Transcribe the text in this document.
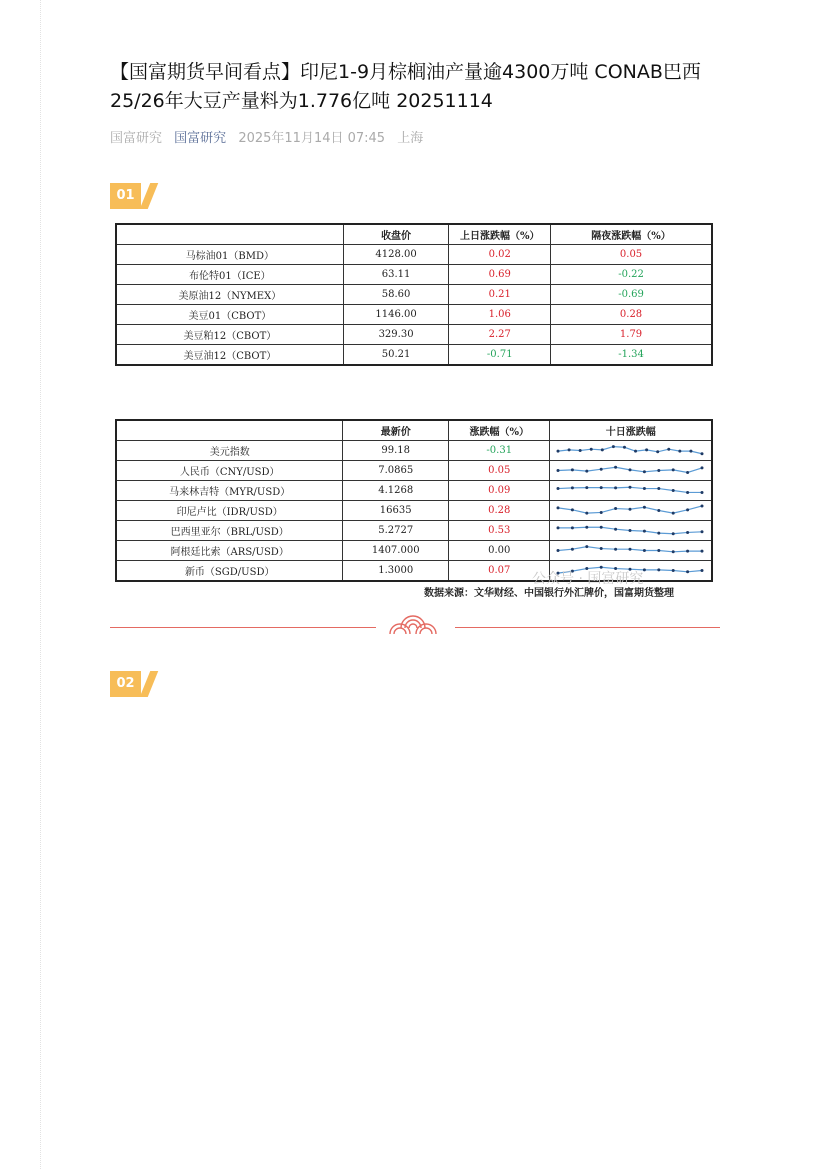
【国富期货早间看点】印尼1-9月棕榈油产量逾4300万吨 CONAB巴西25/26年大豆产量料为1.776亿吨 20251114
国富研究 国富研究 2025年11月14日 07:45 上海
01
	收盘价	上日涨跌幅（%）	隔夜涨跌幅（%）
马棕油01（BMD）	4128.00	0.02	0.05
布伦特01（ICE）	63.11	0.69	-0.22
美原油12（NYMEX）	58.60	0.21	-0.69
美豆01（CBOT）	1146.00	1.06	0.28
美豆粕12（CBOT）	329.30	2.27	1.79
美豆油12（CBOT）	50.21	-0.71	-1.34
02
	最新价	涨跌幅（%）	十日涨跌幅
美元指数	99.18	-0.31	

人民币（CNY/USD）	7.0865	0.05	

马来林吉特（MYR/USD）	4.1268	0.09	

印尼卢比（IDR/USD）	16635	0.28	

巴西里亚尔（BRL/USD）	5.2727	0.53	

阿根廷比索（ARS/USD）	1407.000	0.00	

新币（SGD/USD）	1.3000	0.07	
公众号 · 国富研究
数据来源：文华财经、中国银行外汇牌价，国富期货整理
